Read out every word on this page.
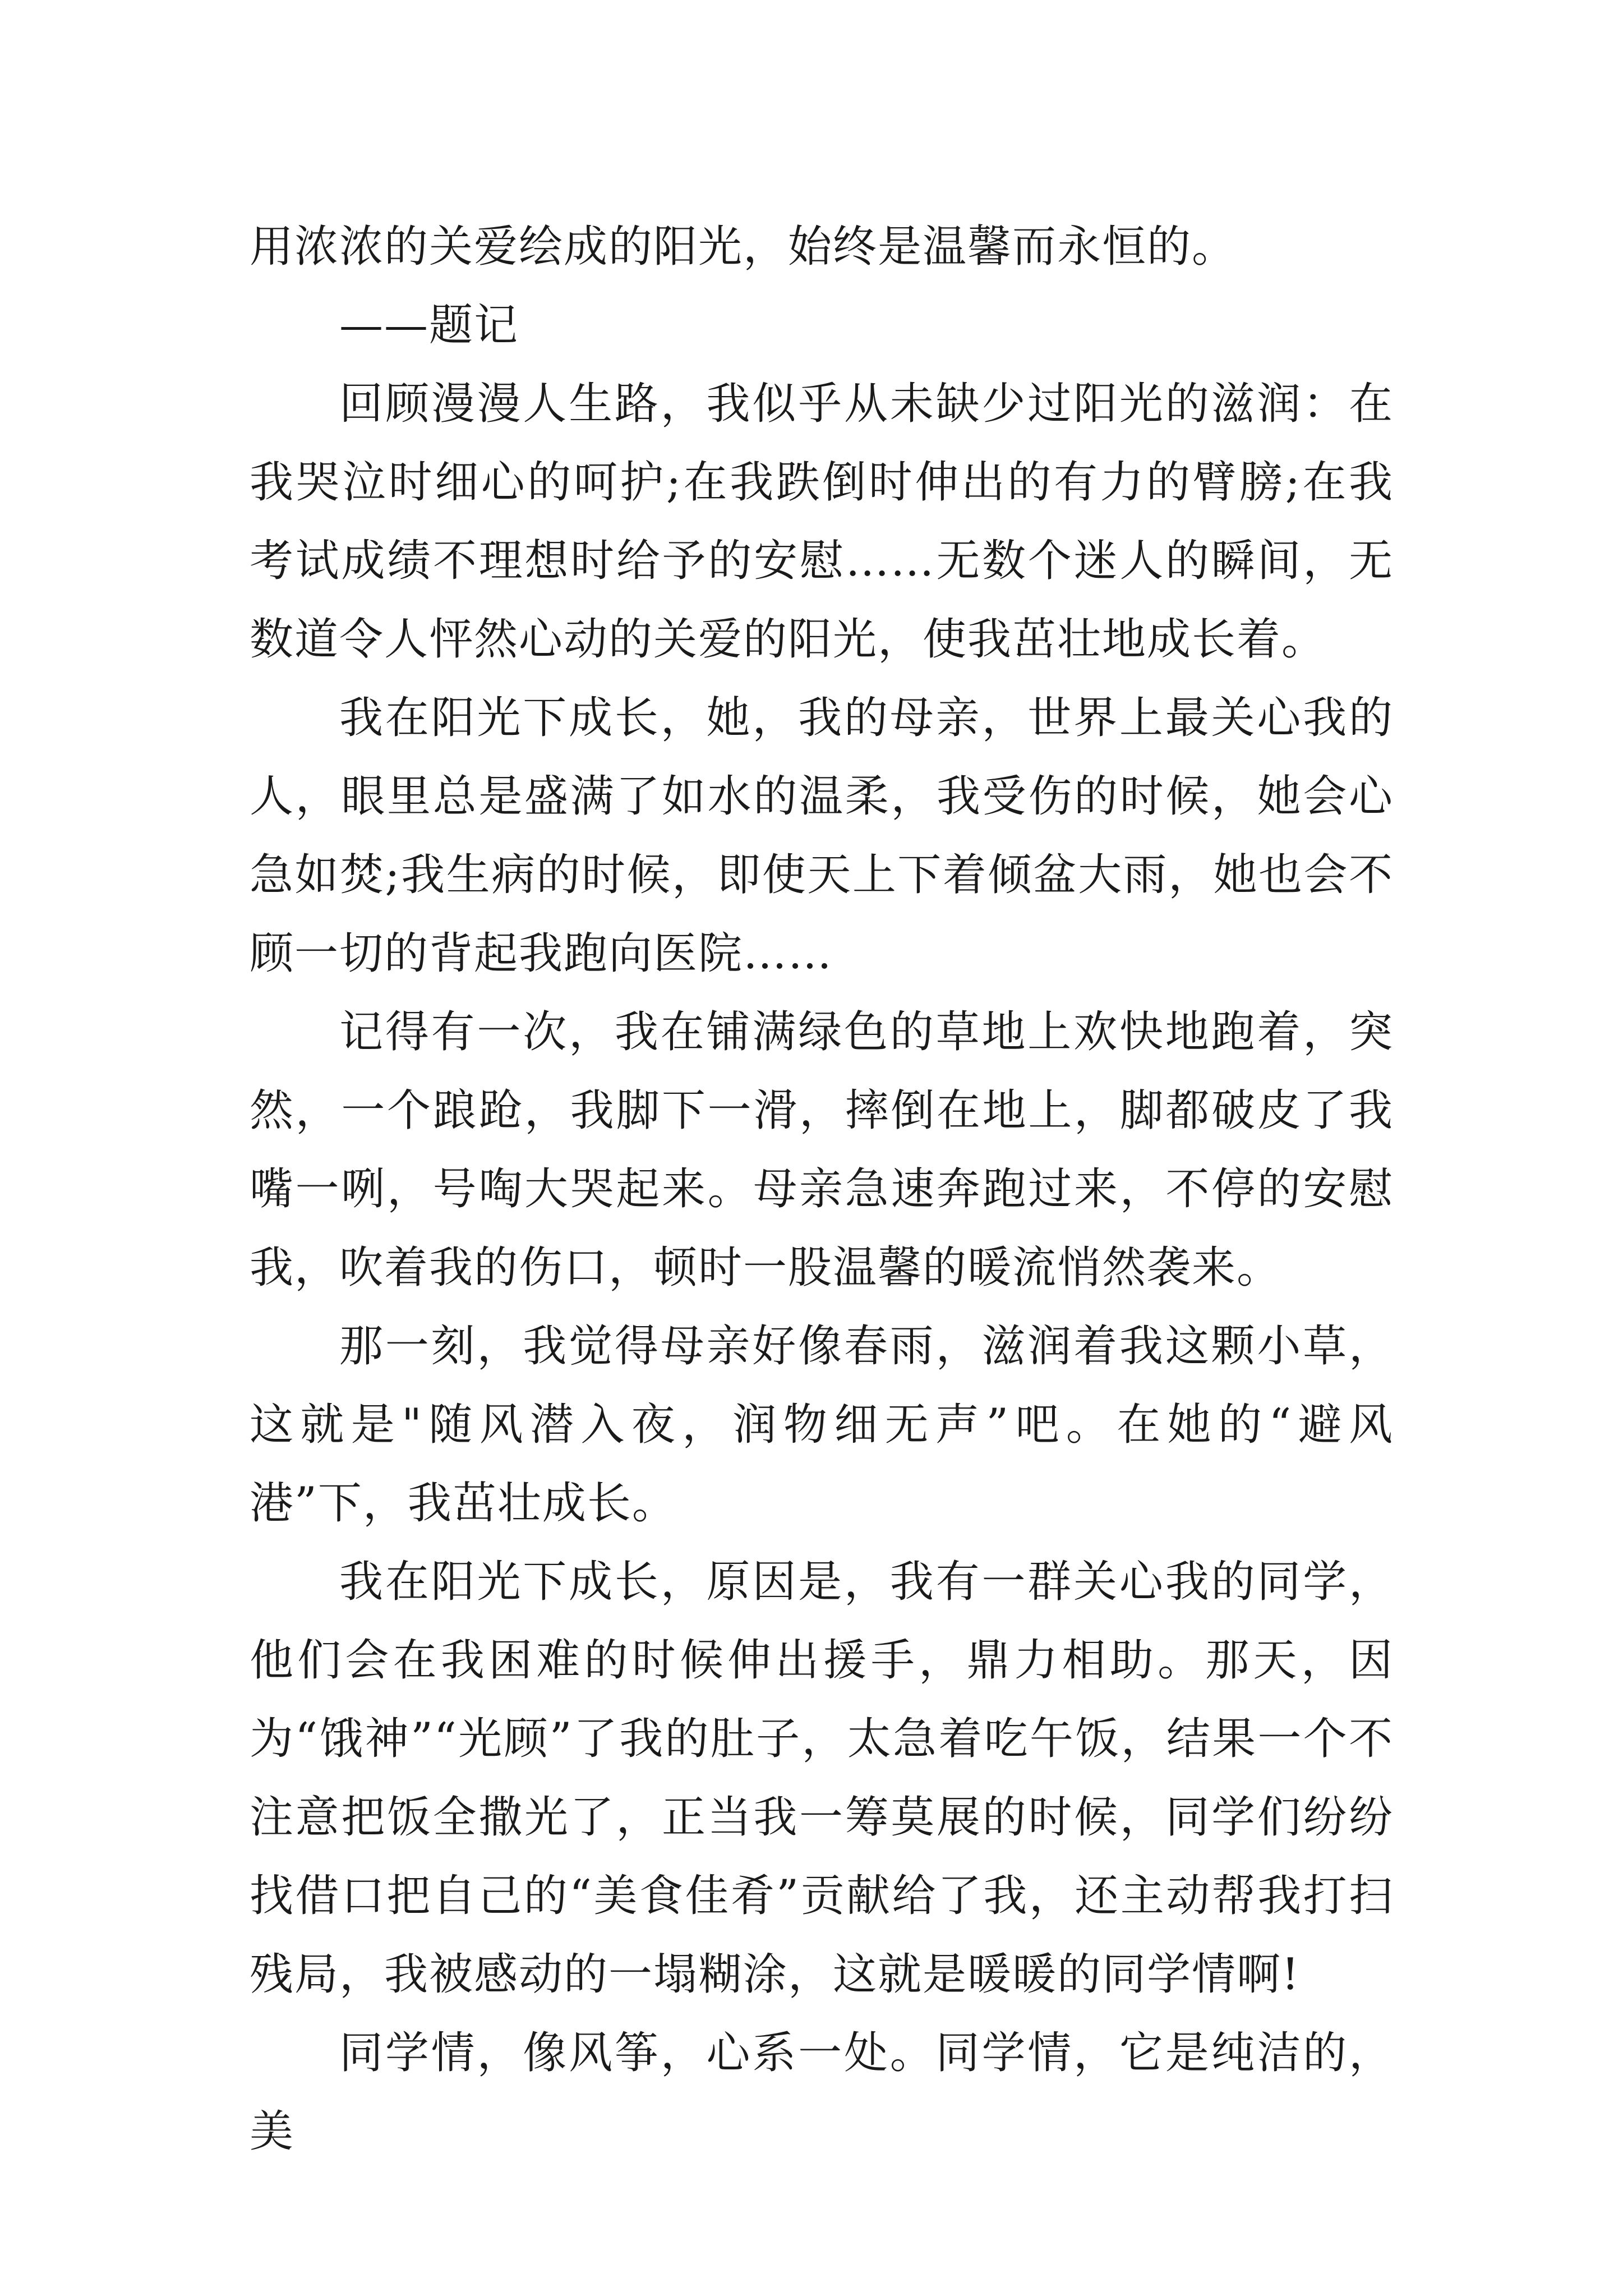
用浓浓的关爱绘成的阳光，始终是温馨而永恒的。

——题记

回顾漫漫人生路，我似乎从未缺少过阳光的滋润：在我哭泣时细心的呵护;在我跌倒时伸出的有力的臂膀;在我考试成绩不理想时给予的安慰……无数个迷人的瞬间，无数道令人怦然心动的关爱的阳光，使我茁壮地成长着。

我在阳光下成长，她，我的母亲，世界上最关心我的人，眼里总是盛满了如水的温柔，我受伤的时候，她会心急如焚;我生病的时候，即使天上下着倾盆大雨，她也会不顾一切的背起我跑向医院……

记得有一次，我在铺满绿色的草地上欢快地跑着，突然，一个踉跄，我脚下一滑，摔倒在地上，脚都破皮了我嘴一咧，号啕大哭起来。母亲急速奔跑过来，不停的安慰我，吹着我的伤口，顿时一股温馨的暖流悄然袭来。

那一刻，我觉得母亲好像春雨，滋润着我这颗小草，这就是"随风潜入夜，润物细无声”吧。在她的“避风港”下，我茁壮成长。

我在阳光下成长，原因是，我有一群关心我的同学，他们会在我困难的时候伸出援手，鼎力相助。那天，因为“饿神”“光顾”了我的肚子，太急着吃午饭，结果一个不注意把饭全撒光了，正当我一筹莫展的时候，同学们纷纷找借口把自己的“美食佳肴”贡献给了我，还主动帮我打扫残局，我被感动的一塌糊涂，这就是暖暖的同学情啊!

同学情，像风筝，心系一处。同学情，它是纯洁的，美
